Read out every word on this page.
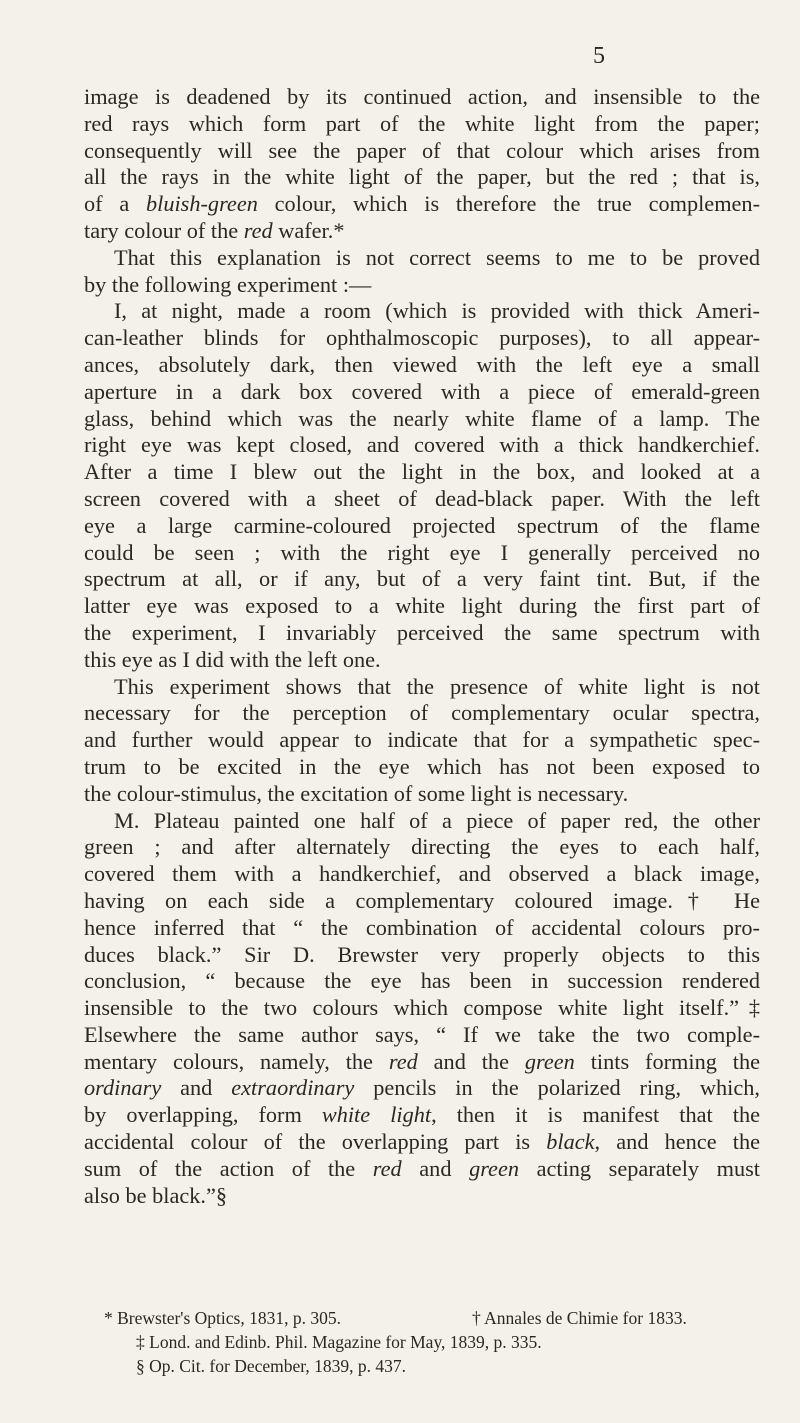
5
image is deadened by its continued action, and insensible to the
red rays which form part of the white light from the paper;
consequently will see the paper of that colour which arises from
all the rays in the white light of the paper, but the red ; that is,
of a bluish-green colour, which is therefore the true complemen-
tary colour of the red wafer.*
That this explanation is not correct seems to me to be proved
by the following experiment :—
I, at night, made a room (which is provided with thick Ameri-
can-leather blinds for ophthalmoscopic purposes), to all appear-
ances, absolutely dark, then viewed with the left eye a small
aperture in a dark box covered with a piece of emerald-green
glass, behind which was the nearly white flame of a lamp. The
right eye was kept closed, and covered with a thick handkerchief.
After a time I blew out the light in the box, and looked at a
screen covered with a sheet of dead-black paper. With the left
eye a large carmine-coloured projected spectrum of the flame
could be seen ; with the right eye I generally perceived no
spectrum at all, or if any, but of a very faint tint. But, if the
latter eye was exposed to a white light during the first part of
the experiment, I invariably perceived the same spectrum with
this eye as I did with the left one.
This experiment shows that the presence of white light is not
necessary for the perception of complementary ocular spectra,
and further would appear to indicate that for a sympathetic spec-
trum to be excited in the eye which has not been exposed to
the colour-stimulus, the excitation of some light is necessary.
M. Plateau painted one half of a piece of paper red, the other
green ; and after alternately directing the eyes to each half,
covered them with a handkerchief, and observed a black image,
having on each side a complementary coloured image.† He
hence inferred that “ the combination of accidental colours pro-
duces black.” Sir D. Brewster very properly objects to this
conclusion, “ because the eye has been in succession rendered
insensible to the two colours which compose white light itself.”‡
Elsewhere the same author says, “ If we take the two comple-
mentary colours, namely, the red and the green tints forming the
ordinary and extraordinary pencils in the polarized ring, which,
by overlapping, form white light, then it is manifest that the
accidental colour of the overlapping part is black, and hence the
sum of the action of the red and green acting separately must
also be black.”§
* Brewster's Optics, 1831, p. 305.	† Annales de Chimie for 1833.
‡ Lond. and Edinb. Phil. Magazine for May, 1839, p. 335.
§ Op. Cit. for December, 1839, p. 437.
